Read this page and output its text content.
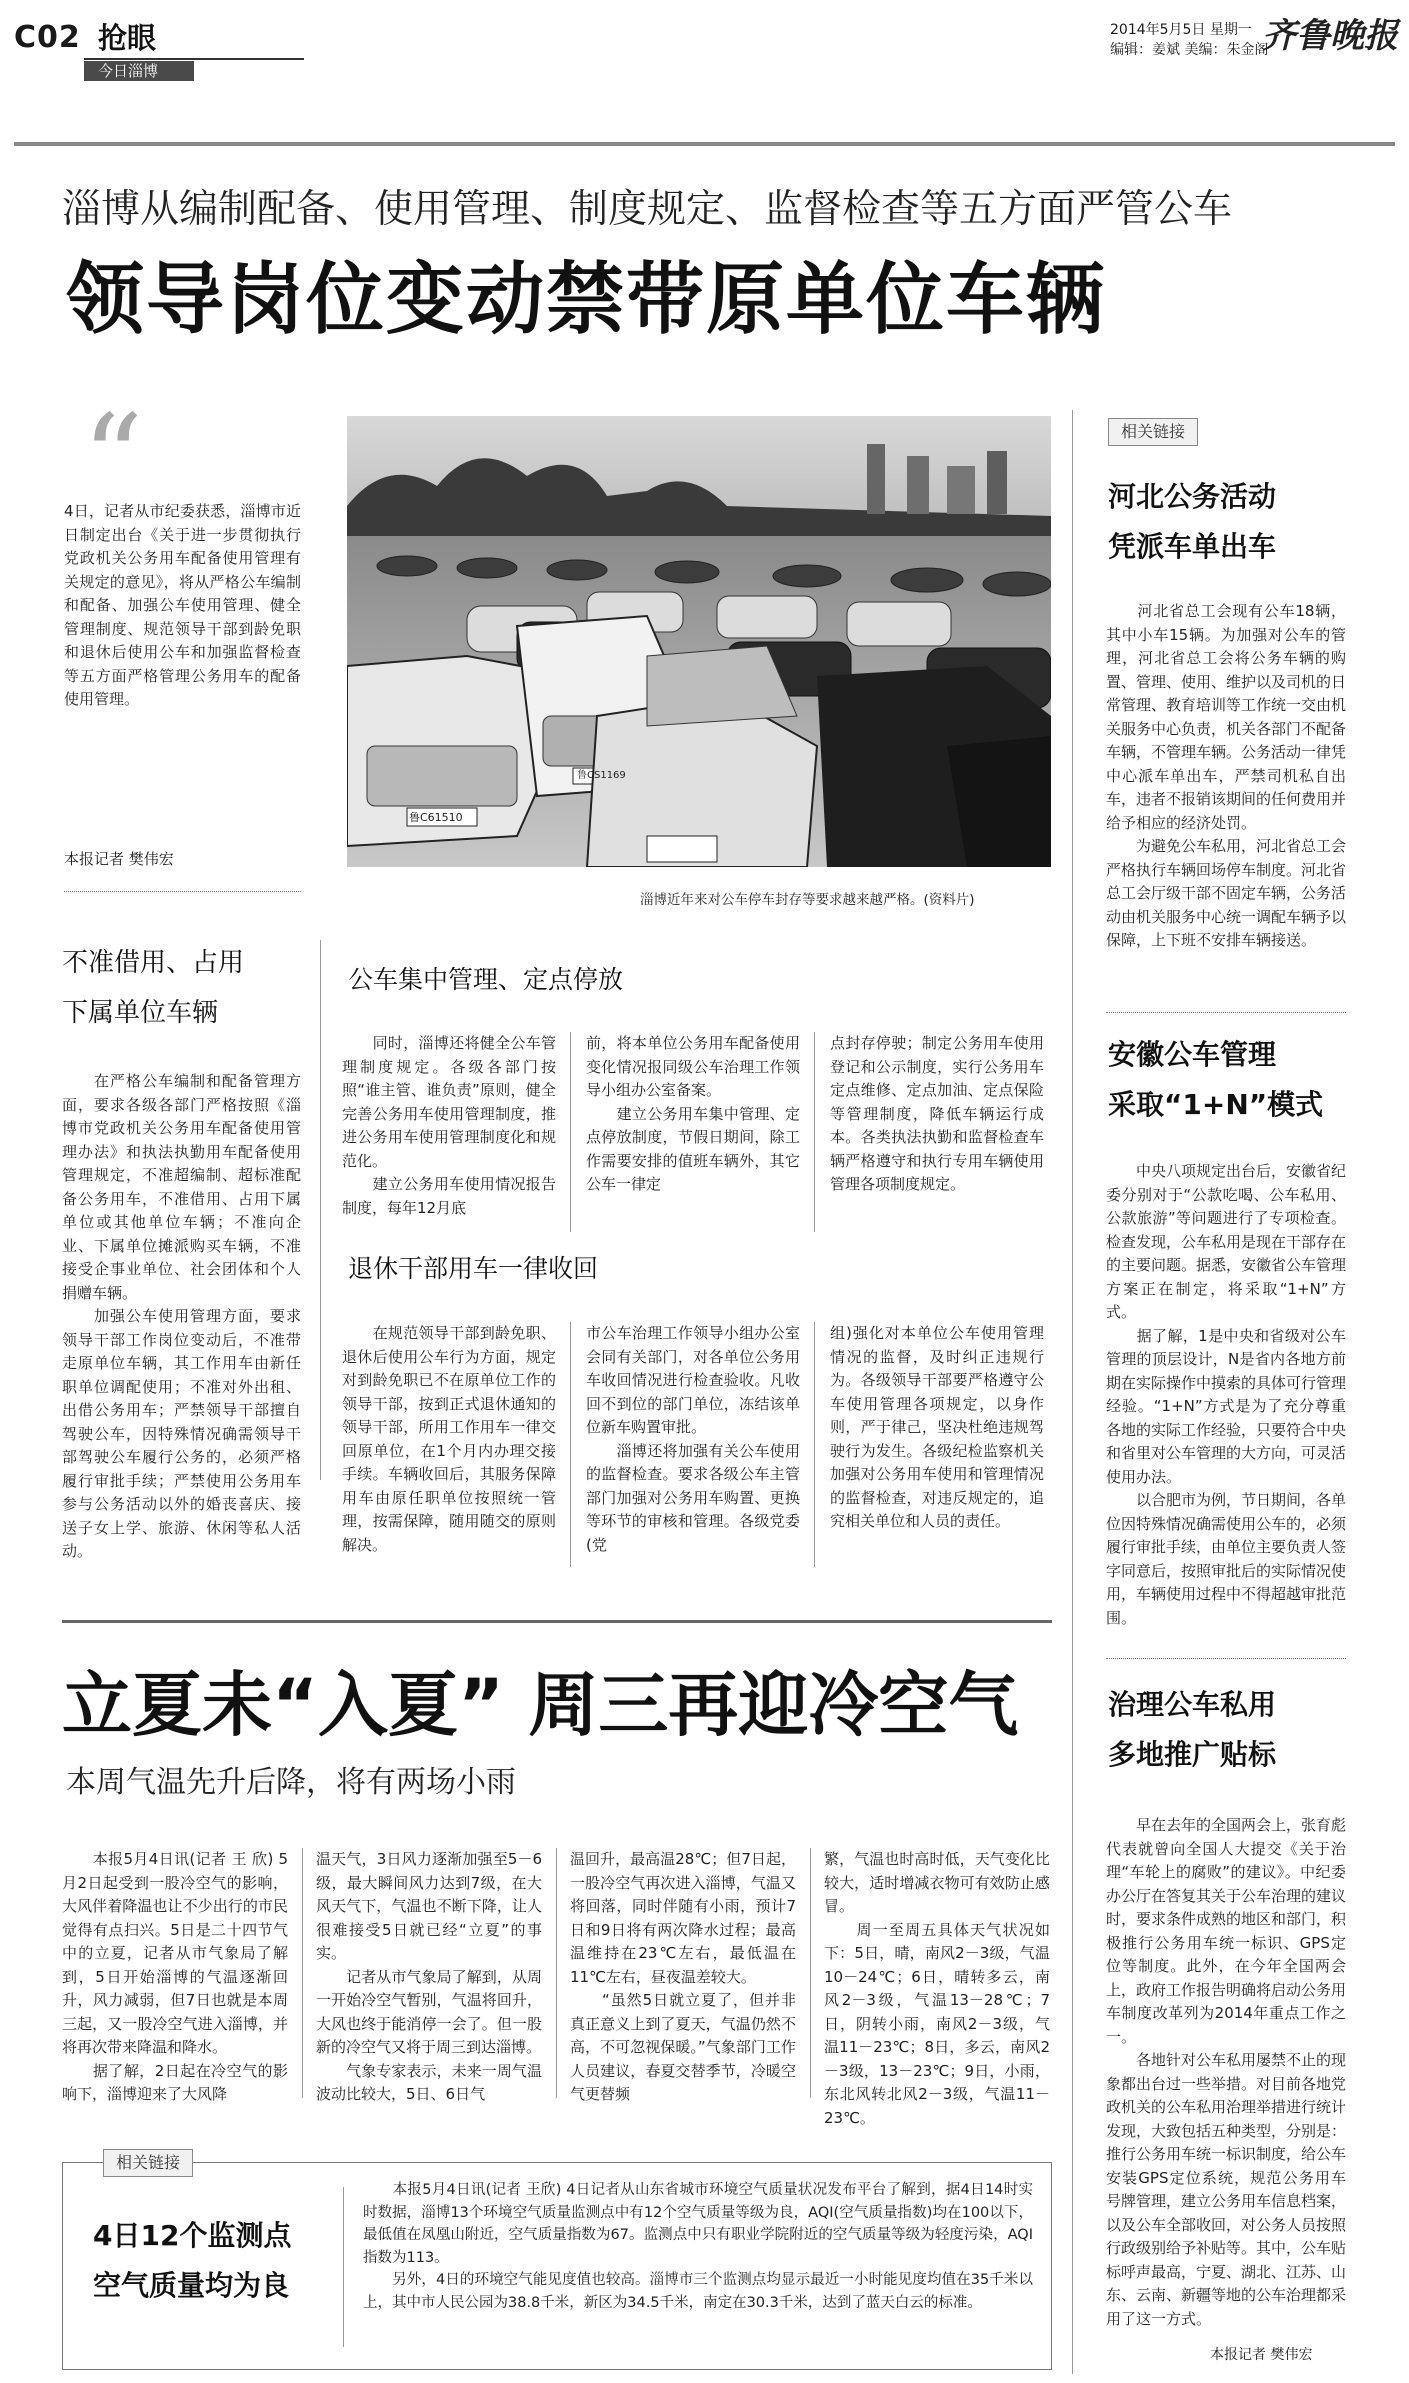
C02 抢眼
今日淄博
2014年5月5日 星期一
编辑：姜斌 美编：朱金阁
齐鲁晚报
淄博从编制配备、使用管理、制度规定、监督检查等五方面严管公车
领导岗位变动禁带原单位车辆
“
4日，记者从市纪委获悉，淄博市近日制定出台《关于进一步贯彻执行党政机关公务用车配备使用管理有关规定的意见》，将从严格公车编制和配备、加强公车使用管理、健全管理制度、规范领导干部到龄免职和退休后使用公车和加强监督检查等五方面严格管理公务用车的配备使用管理。
本报记者 樊伟宏
鲁C61510
鲁CS1169
淄博近年来对公车停车封存等要求越来越严格。(资料片)
不准借用、占用
下属单位车辆
　　在严格公车编制和配备管理方面，要求各级各部门严格按照《淄博市党政机关公务用车配备使用管理办法》和执法执勤用车配备使用管理规定，不准超编制、超标准配备公务用车，不准借用、占用下属单位或其他单位车辆；不准向企业、下属单位摊派购买车辆，不准接受企事业单位、社会团体和个人捐赠车辆。
　　加强公车使用管理方面，要求领导干部工作岗位变动后，不准带走原单位车辆，其工作用车由新任职单位调配使用；不准对外出租、出借公务用车；严禁领导干部擅自驾驶公车，因特殊情况确需领导干部驾驶公车履行公务的，必须严格履行审批手续；严禁使用公务用车参与公务活动以外的婚丧喜庆、接送子女上学、旅游、休闲等私人活动。
公车集中管理、定点停放
　　同时，淄博还将健全公车管理制度规定。各级各部门按照“谁主管、谁负责”原则，健全完善公务用车使用管理制度，推进公务用车使用管理制度化和规范化。
　　建立公务用车使用情况报告制度，每年12月底
前，将本单位公务用车配备使用变化情况报同级公车治理工作领导小组办公室备案。
　　建立公务用车集中管理、定点停放制度，节假日期间，除工作需要安排的值班车辆外，其它公车一律定
点封存停驶；制定公务用车使用登记和公示制度，实行公务用车定点维修、定点加油、定点保险等管理制度，降低车辆运行成本。各类执法执勤和监督检查车辆严格遵守和执行专用车辆使用管理各项制度规定。
退休干部用车一律收回
　　在规范领导干部到龄免职、退休后使用公车行为方面，规定对到龄免职已不在原单位工作的领导干部，按到正式退休通知的领导干部，所用工作用车一律交回原单位，在1个月内办理交接手续。车辆收回后，其服务保障用车由原任职单位按照统一管理，按需保障，随用随交的原则解决。
市公车治理工作领导小组办公室会同有关部门，对各单位公务用车收回情况进行检查验收。凡收回不到位的部门单位，冻结该单位新车购置审批。
　　淄博还将加强有关公车使用的监督检查。要求各级公车主管部门加强对公务用车购置、更换等环节的审核和管理。各级党委(党
组)强化对本单位公车使用管理情况的监督，及时纠正违规行为。各级领导干部要严格遵守公车使用管理各项规定，以身作则，严于律己，坚决杜绝违规驾驶行为发生。各级纪检监察机关加强对公务用车使用和管理情况的监督检查，对违反规定的，追究相关单位和人员的责任。
相关链接
河北公务活动
凭派车单出车
　　河北省总工会现有公车18辆，其中小车15辆。为加强对公车的管理，河北省总工会将公务车辆的购置、管理、使用、维护以及司机的日常管理、教育培训等工作统一交由机关服务中心负责，机关各部门不配备车辆，不管理车辆。公务活动一律凭中心派车单出车，严禁司机私自出车，违者不报销该期间的任何费用并给予相应的经济处罚。
　　为避免公车私用，河北省总工会严格执行车辆回场停车制度。河北省总工会厅级干部不固定车辆，公务活动由机关服务中心统一调配车辆予以保障，上下班不安排车辆接送。
安徽公车管理
采取“1+N”模式
　　中央八项规定出台后，安徽省纪委分别对于“公款吃喝、公车私用、公款旅游”等问题进行了专项检查。检查发现，公车私用是现在干部存在的主要问题。据悉，安徽省公车管理方案正在制定，将采取“1+N”方式。
　　据了解，1是中央和省级对公车管理的顶层设计，N是省内各地方前期在实际操作中摸索的具体可行管理经验。“1+N”方式是为了充分尊重各地的实际工作经验，只要符合中央和省里对公车管理的大方向，可灵活使用办法。
　　以合肥市为例，节日期间，各单位因特殊情况确需使用公车的，必须履行审批手续，由单位主要负责人签字同意后，按照审批后的实际情况使用，车辆使用过程中不得超越审批范围。
治理公车私用
多地推广贴标
　　早在去年的全国两会上，张育彪代表就曾向全国人大提交《关于治理“车轮上的腐败”的建议》。中纪委办公厅在答复其关于公车治理的建议时，要求条件成熟的地区和部门，积极推行公务用车统一标识、GPS定位等制度。此外，在今年全国两会上，政府工作报告明确将启动公务用车制度改革列为2014年重点工作之一。
　　各地针对公车私用屡禁不止的现象都出台过一些举措。对目前各地党政机关的公车私用治理举措进行统计发现，大致包括五种类型，分别是：推行公务用车统一标识制度，给公车安装GPS定位系统，规范公务用车号牌管理，建立公务用车信息档案，以及公车全部收回，对公务人员按照行政级别给予补贴等。其中，公车贴标呼声最高，宁夏、湖北、江苏、山东、云南、新疆等地的公车治理都采用了这一方式。
本报记者 樊伟宏
立夏未“入夏” 周三再迎冷空气
本周气温先升后降，将有两场小雨
　　本报5月4日讯(记者 王 欣) 5月2日起受到一股冷空气的影响，大风伴着降温也让不少出行的市民觉得有点扫兴。5日是二十四节气中的立夏，记者从市气象局了解到，5日开始淄博的气温逐渐回升，风力减弱，但7日也就是本周三起，又一股冷空气进入淄博，并将再次带来降温和降水。
　　据了解，2日起在冷空气的影响下，淄博迎来了大风降
温天气，3日风力逐渐加强至5－6级，最大瞬间风力达到7级，在大风天气下，气温也不断下降，让人很难接受5日就已经“立夏”的事实。
　　记者从市气象局了解到，从周一开始冷空气暂别，气温将回升，大风也终于能消停一会了。但一股新的冷空气又将于周三到达淄博。
　　气象专家表示，未来一周气温波动比较大，5日、6日气
温回升，最高温28℃；但7日起，一股冷空气再次进入淄博，气温又将回落，同时伴随有小雨，预计7日和9日将有两次降水过程；最高温维持在23℃左右，最低温在11℃左右，昼夜温差较大。
　　“虽然5日就立夏了，但并非真正意义上到了夏天，气温仍然不高，不可忽视保暖。”气象部门工作人员建议，春夏交替季节，冷暖空气更替频
繁，气温也时高时低，天气变化比较大，适时增减衣物可有效防止感冒。
　　周一至周五具体天气状况如下：5日，晴，南风2－3级，气温10－24℃；6日，晴转多云，南风2－3级，气温13－28℃；7日，阴转小雨，南风2－3级，气温11－23℃；8日，多云，南风2－3级，13－23℃；9日，小雨，东北风转北风2－3级，气温11－23℃。
相关链接
4日12个监测点
空气质量均为良
　　本报5月4日讯(记者 王欣) 4日记者从山东省城市环境空气质量状况发布平台了解到，据4日14时实时数据，淄博13个环境空气质量监测点中有12个空气质量等级为良，AQI(空气质量指数)均在100以下，最低值在凤凰山附近，空气质量指数为67。监测点中只有职业学院附近的空气质量等级为轻度污染，AQI指数为113。
　　另外，4日的环境空气能见度值也较高。淄博市三个监测点均显示最近一小时能见度均值在35千米以上，其中市人民公园为38.8千米，新区为34.5千米，南定在30.3千米，达到了蓝天白云的标准。
